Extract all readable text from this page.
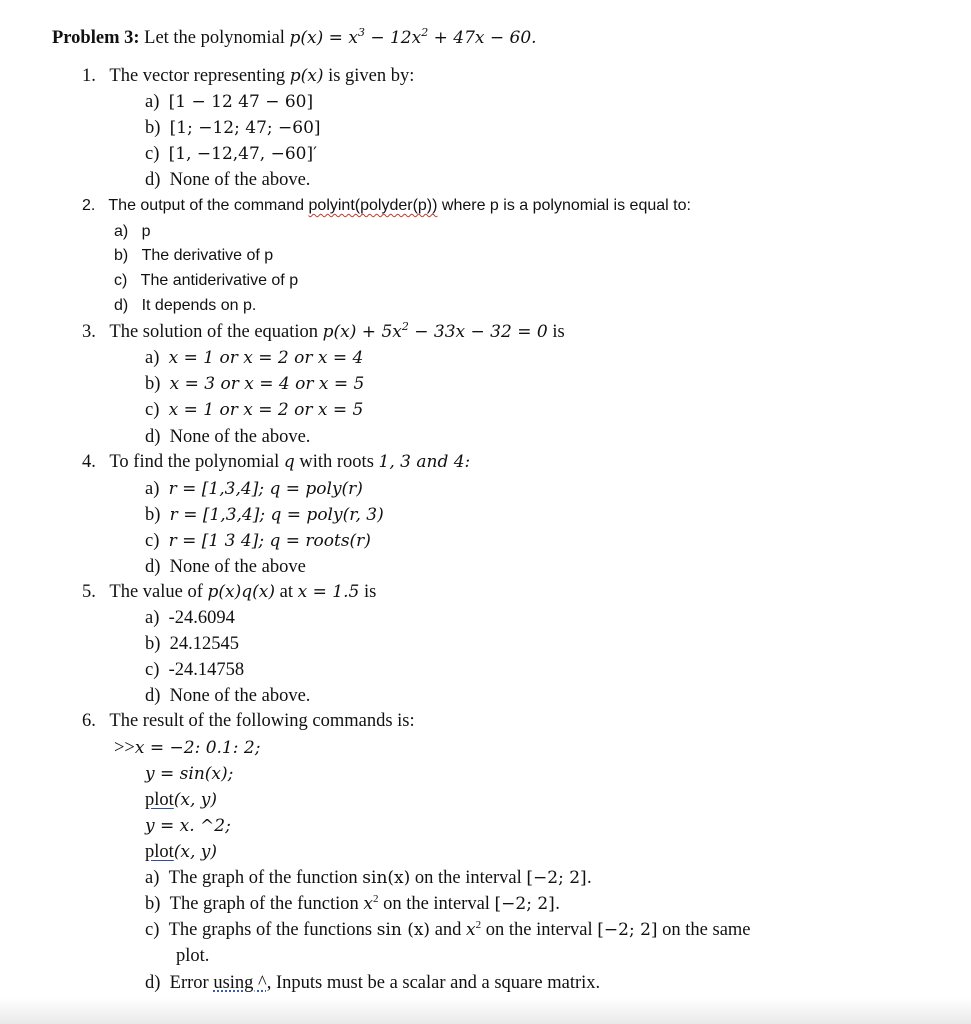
Problem 3: Let the polynomial $p(x) = x^3 - 12x^2 + 47x - 60$.
1. The vector representing p(x) is given by:
a) [1 − 12 47 − 60]
b) [1; −12; 47; −60]
c) [1, −12,47, −60]′
d) None of the above.
2. The output of the command polyint(polyder(p)) where p is a polynomial is equal to:
a) p
b) The derivative of p
c) The antiderivative of p
d) It depends on p.
3. The solution of the equation $p(x) + 5x^2 - 33x - 32 = 0$ is
a) x = 1 or x = 2 or x = 4
b) x = 3 or x = 4 or x = 5
c) x = 1 or x = 2 or x = 5
d) None of the above.
4. To find the polynomial q with roots 1, 3 and 4:
a) r = [1,3,4]; q = poly(r)
b) r = [1,3,4]; q = poly(r, 3)
c) r = [1 3 4]; q = roots(r)
d) None of the above
5. The value of p(x)q(x) at x = 1.5 is
a) -24.6094
b) 24.12545
c) -24.14758
d) None of the above.
6. The result of the following commands is:
>>x = −2: 0.1: 2;
y = sin(x);
plot(x, y)
y = x. ^2;
plot(x, y)
a) The graph of the function sin(x) on the interval [−2; 2].
b) The graph of the function $x^2$ on the interval [−2; 2].
c) The graphs of the functions sin (x) and $x^2$ on the interval [−2; 2] on the same
plot.
d) Error using ^, Inputs must be a scalar and a square matrix.
